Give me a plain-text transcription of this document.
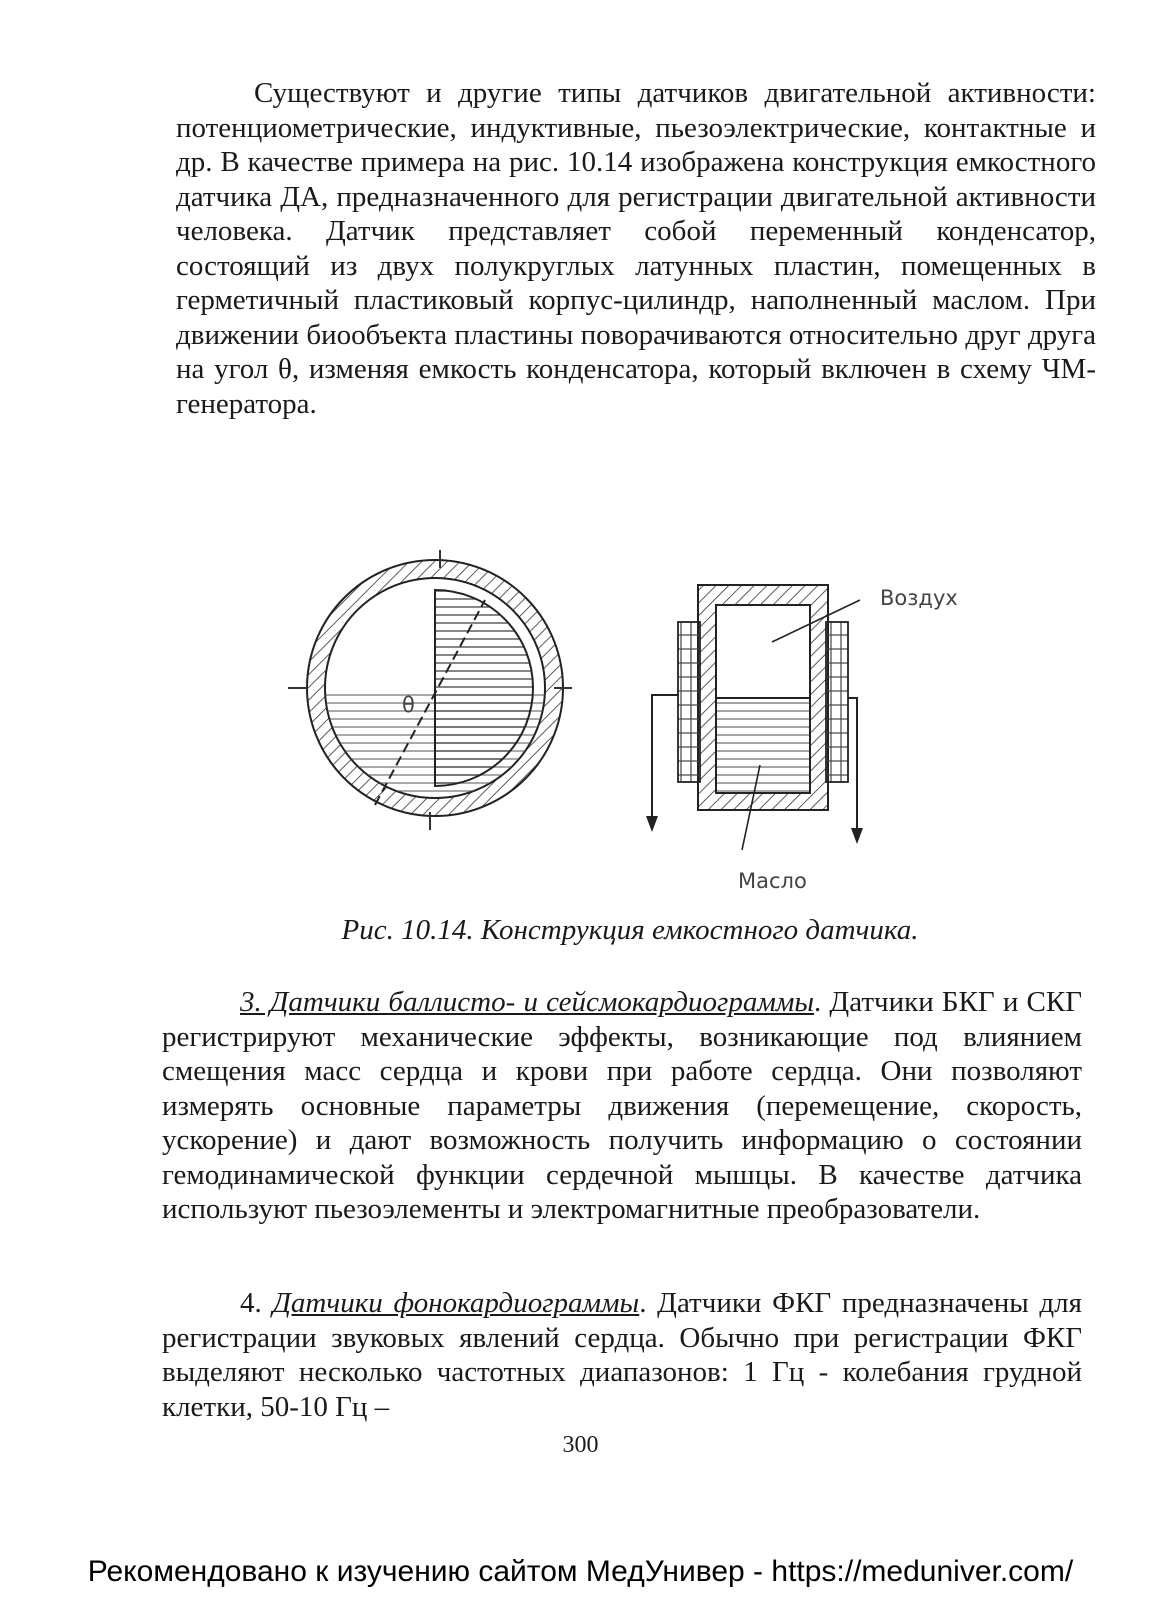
Существуют и другие типы датчиков двигательной активности: потенциометрические, индуктивные, пьезоэлектрические, контактные и др. В качестве примера на рис. 10.14 изображена конструкция емкостного датчика ДА, предназначенного для регистрации двигательной активности человека. Датчик представляет собой переменный конденсатор, состоящий из двух полукруглых латунных пластин, помещенных в герметичный пластиковый корпус-цилиндр, наполненный маслом. При движении биообъекта пластины поворачиваются относительно друг друга на угол θ, изменяя емкость конденсатора, который включен в схему ЧМ-генератора.

θ
Воздух
Масло

Рис. 10.14. Конструкция емкостного датчика.

3. Датчики баллисто- и сейсмокардиограммы. Датчики БКГ и СКГ регистрируют механические эффекты, возникающие под влиянием смещения масс сердца и крови при работе сердца. Они позволяют измерять основные параметры движения (перемещение, скорость, ускорение) и дают возможность получить информацию о состоянии гемодинамической функции сердечной мышцы. В качестве датчика используют пьезоэлементы и электромагнитные преобразователи.

4. Датчики фонокардиограммы. Датчики ФКГ предназначены для регистрации звуковых явлений сердца. Обычно при регистрации ФКГ выделяют несколько частотных диапазонов: 1 Гц - колебания грудной клетки, 50-10 Гц –

300
Рекомендовано к изучению сайтом МедУнивер - https://meduniver.com/
